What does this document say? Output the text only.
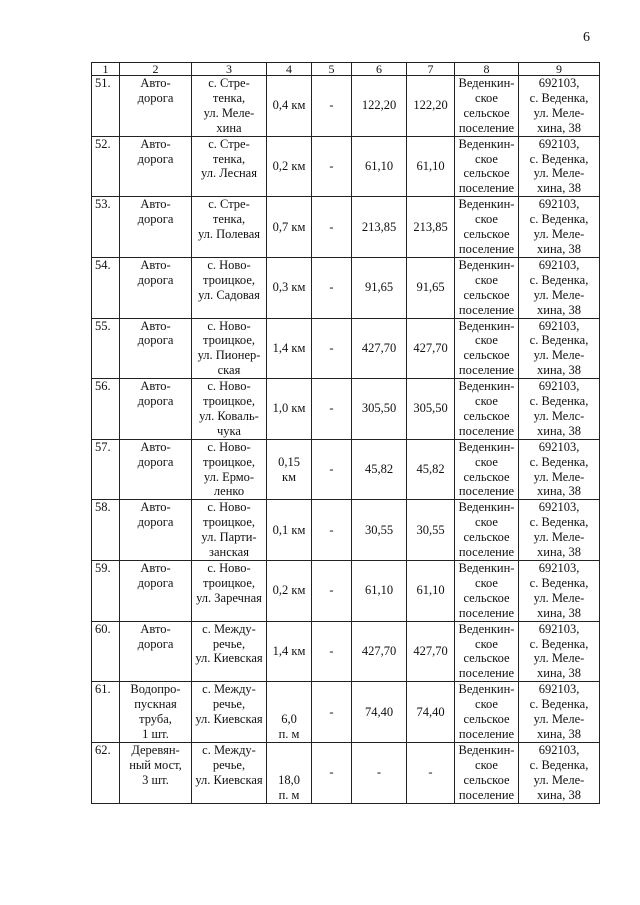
6
1	2	3	4	5	6	7	8	9
51.	Авто-
дорога	с. Стре-
тенка,
ул. Меле-
хина	0,4 км	-	122,20	122,20	Веденкин-
ское
сельское
поселение	692103,
с. Веденка,
ул. Меле-
хина, 38
52.	Авто-
дорога	с. Стре-
тенка,
ул. Лесная	0,2 км	-	61,10	61,10	Веденкин-
ское
сельское
поселение	692103,
с. Веденка,
ул. Меле-
хина, 38
53.	Авто-
дорога	с. Стре-
тенка,
ул. Полевая	0,7 км	-	213,85	213,85	Веденкин-
ское
сельское
поселение	692103,
с. Веденка,
ул. Меле-
хина, 38
54.	Авто-
дорога	с. Ново-
троицкое,
ул. Садовая	0,3 км	-	91,65	91,65	Веденкин-
ское
сельское
поселение	692103,
с. Веденка,
ул. Меле-
хина, 38
55.	Авто-
дорога	с. Ново-
троицкое,
ул. Пионер-
ская	1,4 км	-	427,70	427,70	Веденкин-
ское
сельское
поселение	692103,
с. Веденка,
ул. Меле-
хина, 38
56.	Авто-
дорога	с. Ново-
троицкое,
ул. Коваль-
чука	1,0 км	-	305,50	305,50	Веденкин-
ское
сельское
поселение	692103,
с. Веденка,
ул. Мелс-
хина, 38
57.	Авто-
дорога	с. Ново-
троицкое,
ул. Ермо-
ленко	0,15
км	-	45,82	45,82	Веденкин-
ское
сельское
поселение	692103,
с. Веденка,
ул. Меле-
хина, 38
58.	Авто-
дорога	с. Ново-
троицкое,
ул. Парти-
занская	0,1 км	-	30,55	30,55	Веденкин-
ское
сельское
поселение	692103,
с. Веденка,
ул. Меле-
хина, 38
59.	Авто-
дорога	с. Ново-
троицкое,
ул. Заречная	0,2 км	-	61,10	61,10	Веденкин-
ское
сельское
поселение	692103,
с. Веденка,
ул. Меле-
хина, 38
60.	Авто-
дорога	с. Между-
речье,
ул. Киевская	1,4 км	-	427,70	427,70	Веденкин-
ское
сельское
поселение	692103,
с. Веденка,
ул. Меле-
хина, 38
61.	Водопро-
пускная
труба,
1 шт.	с. Между-
речье,
ул. Киевская	6,0
п. м	-	74,40	74,40	Веденкин-
ское
сельское
поселение	692103,
с. Веденка,
ул. Меле-
хина, 38
62.	Деревян-
ный мост,
3 шт.	с. Между-
речье,
ул. Киевская	18,0
п. м	-	-	-	Веденкин-
ское
сельское
поселение	692103,
с. Веденка,
ул. Меле-
хина, 38
